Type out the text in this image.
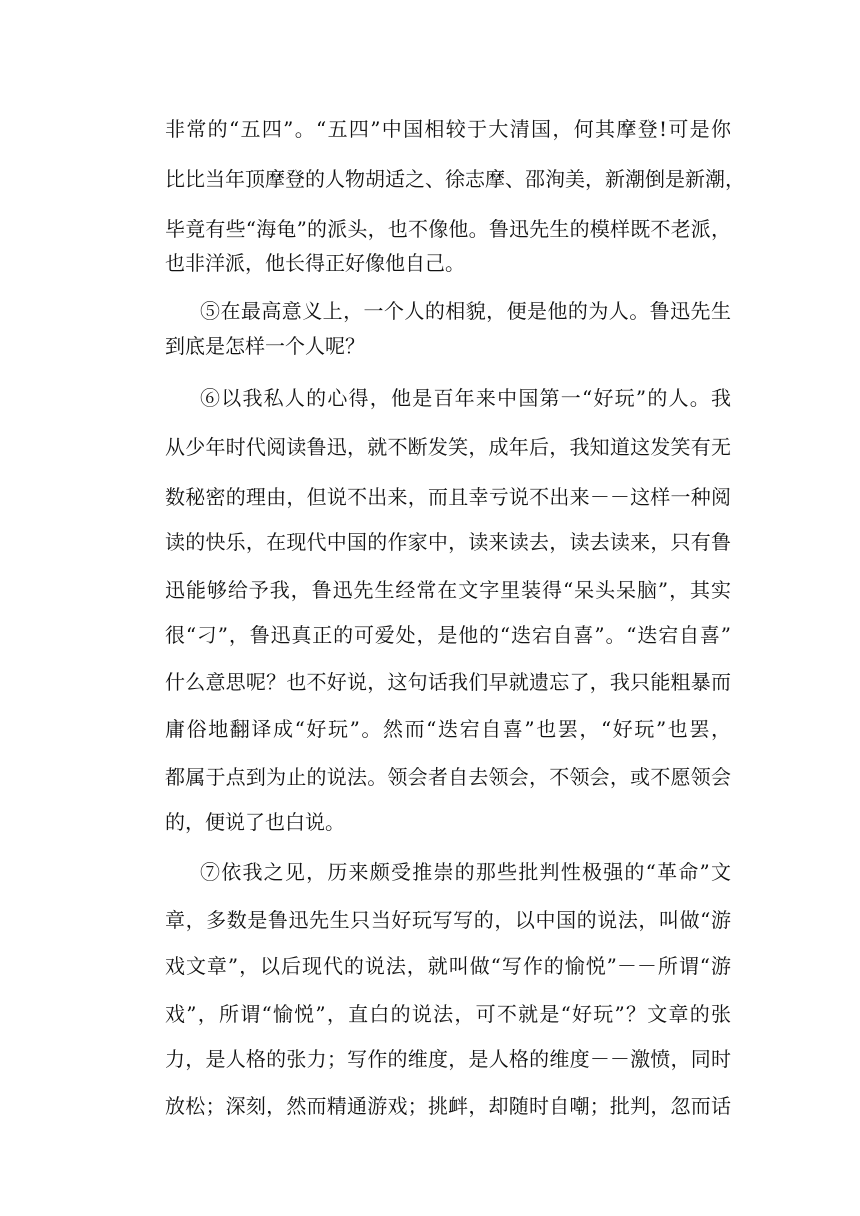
非常的“五四”。“五四”中国相较于大清国，何其摩登!可是你
比比当年顶摩登的人物胡适之、徐志摩、邵洵美，新潮倒是新潮，
毕竟有些“海龟”的派头，也不像他。鲁迅先生的模样既不老派，
也非洋派，他长得正好像他自己。
⑤在最高意义上，一个人的相貌，便是他的为人。鲁迅先生
到底是怎样一个人呢？
⑥以我私人的心得，他是百年来中国第一“好玩”的人。我
从少年时代阅读鲁迅，就不断发笑，成年后，我知道这发笑有无
数秘密的理由，但说不出来，而且幸亏说不出来－－这样一种阅
读的快乐，在现代中国的作家中，读来读去，读去读来，只有鲁
迅能够给予我，鲁迅先生经常在文字里装得“呆头呆脑”，其实
很“刁”，鲁迅真正的可爱处，是他的“迭宕自喜”。“迭宕自喜”
什么意思呢？也不好说，这句话我们早就遗忘了，我只能粗暴而
庸俗地翻译成“好玩”。然而“迭宕自喜”也罢，“好玩”也罢，
都属于点到为止的说法。领会者自去领会，不领会，或不愿领会
的，便说了也白说。
⑦依我之见，历来颇受推崇的那些批判性极强的“革命”文
章，多数是鲁迅先生只当好玩写写的，以中国的说法，叫做“游
戏文章”，以后现代的说法，就叫做“写作的愉悦”－－所谓“游
戏”，所谓“愉悦”，直白的说法，可不就是“好玩”？文章的张
力，是人格的张力；写作的维度，是人格的维度－－激愤，同时
放松；深刻，然而精通游戏；挑衅，却随时自嘲；批判，忽而话
